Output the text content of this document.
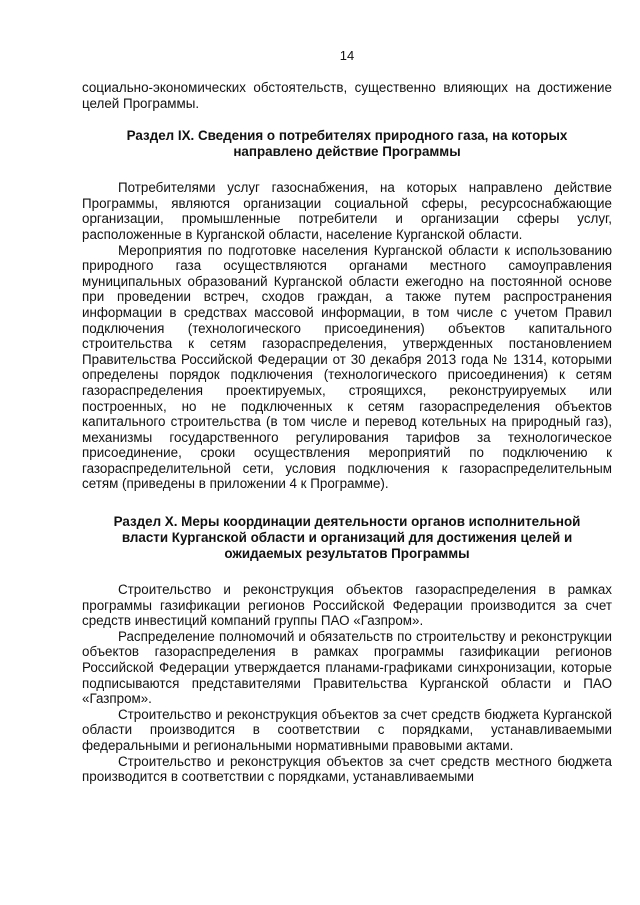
14

социально-экономических обстоятельств, существенно влияющих на достижение целей Программы.

Раздел IX. Сведения о потребителях природного газа, на которых направлено действие Программы

Потребителями услуг газоснабжения, на которых направлено действие Программы, являются организации социальной сферы, ресурсоснабжающие организации, промышленные потребители и организации сферы услуг, расположенные в Курганской области, население Курганской области.

Мероприятия по подготовке населения Курганской области к использованию природного газа осуществляются органами местного самоуправления муниципальных образований Курганской области ежегодно на постоянной основе при проведении встреч, сходов граждан, а также путем распространения информации в средствах массовой информации, в том числе с учетом Правил подключения (технологического присоединения) объектов капитального строительства к сетям газораспределения, утвержденных постановлением Правительства Российской Федерации от 30 декабря 2013 года № 1314, которыми определены порядок подключения (технологического присоединения) к сетям газораспределения проектируемых, строящихся, реконструируемых или построенных, но не подключенных к сетям газораспределения объектов капитального строительства (в том числе и перевод котельных на природный газ), механизмы государственного регулирования тарифов за технологическое присоединение, сроки осуществления мероприятий по подключению к газораспределительной сети, условия подключения к газораспределительным сетям (приведены в приложении 4 к Программе).

Раздел X. Меры координации деятельности органов исполнительной власти Курганской области и организаций для достижения целей и ожидаемых результатов Программы

Строительство и реконструкция объектов газораспределения в рамках программы газификации регионов Российской Федерации производится за счет средств инвестиций компаний группы ПАО «Газпром».

Распределение полномочий и обязательств по строительству и реконструкции объектов газораспределения в рамках программы газификации регионов Российской Федерации утверждается планами-графиками синхронизации, которые подписываются представителями Правительства Курганской области и ПАО «Газпром».

Строительство и реконструкция объектов за счет средств бюджета Курганской области производится в соответствии с порядками, устанавливаемыми федеральными и региональными нормативными правовыми актами.

Строительство и реконструкция объектов за счет средств местного бюджета производится в соответствии с порядками, устанавливаемыми
